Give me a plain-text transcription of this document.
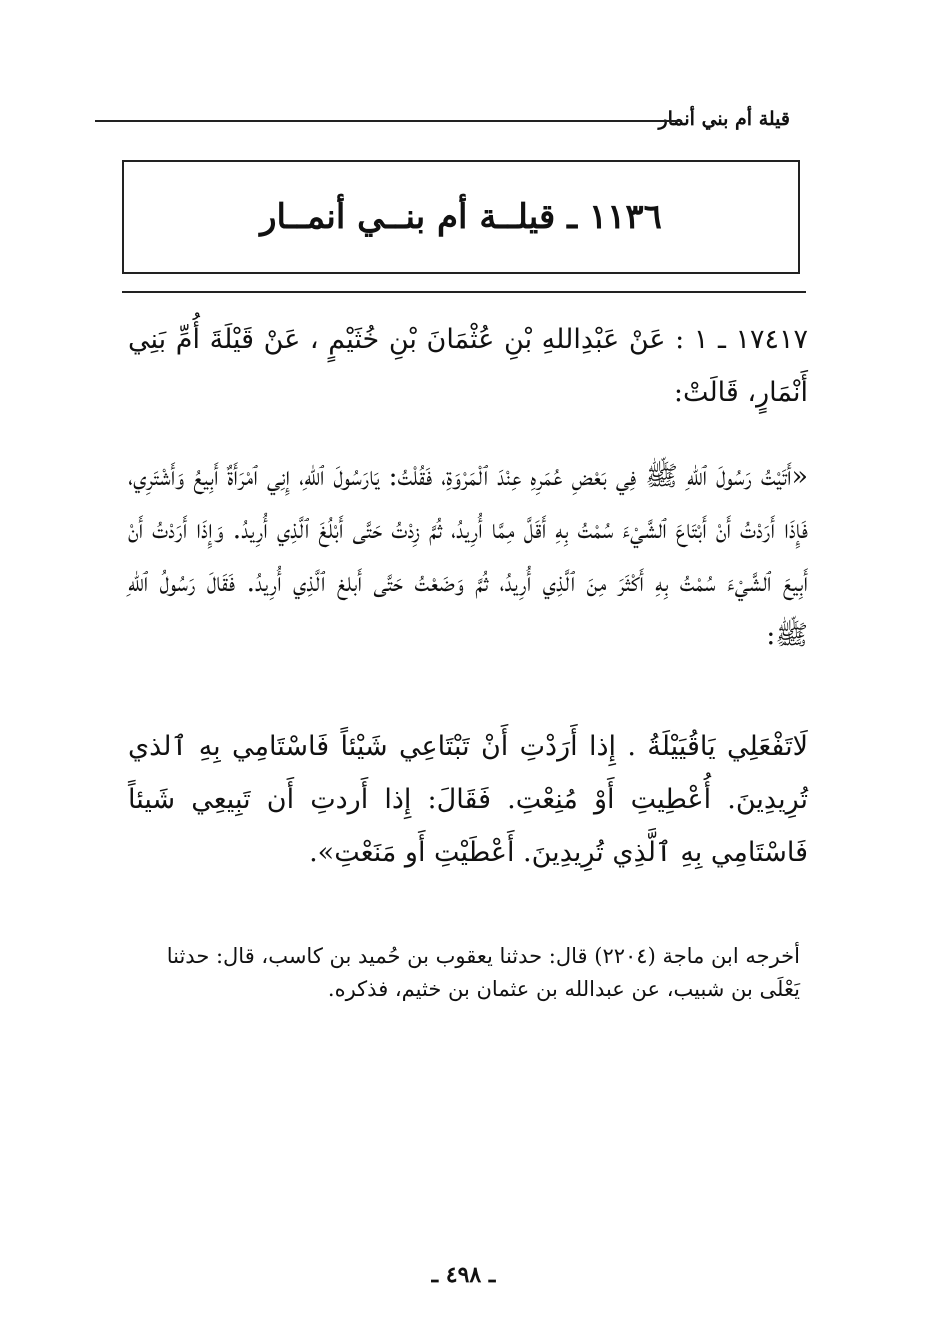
قيلة أم بني أنمار
١١٣٦ ـ قيلــة أم بنــي أنمــار

١٧٤١٧ ـ ١ : عَنْ عَبْدِاللهِ بْنِ عُثْمَانَ بْنِ خُثَيْمٍ ، عَنْ قَيْلَةَ أُمِّ بَنِي أَنْمَارٍ، قَالَتْ:

«أَتَيْتُ رَسُولَ ٱللهِ ﷺ فِي بَعْضِ عُمَرِهِ عِنْدَ ٱلْمَرْوَةِ، فَقُلْتُ: يَارَسُولَ ٱللهِ، إِنِي ٱمْرَأَةٌ أَبِيعُ وَأَشْتَرِي، فَإِذَا أَرَدْتُ أَنْ أَبْتَاعَ ٱلشَّيْءَ سُمْتُ بِهِ أَقَلَّ مِمَّا أُرِيدُ، ثُمَّ زِدْتُ حَتَّى أَبْلُغَ ٱلَّذِي أُرِيدُ. وَإِذَا أَرَدْتُ أَنْ أَبِيعَ ٱلشَّيْءَ سُمْتُ بِهِ أَكْثَرَ مِنَ ٱلَّذِي أُرِيدُ، ثُمَّ وَضَعْتُ حَتَّى أَبلغ ٱلَّذِي أُرِيدُ. فَقَالَ رَسُولُ ٱللهِ ﷺ:

لَاتَفْعَلِي يَاقُيَيْلَةُ . إِذا أَرَدْتِ أَنْ تَبْتَاعِي شَيْئاً فَاسْتَامِي بِهِ ٱلذي تُرِيدِينَ. أُعْطِيتِ أَوْ مُنِعْتِ. فَقَالَ: إِذا أَردتِ أَن تَبِيعِي شَيئاً فَاسْتَامِي بِهِ ٱلَّذِي تُرِيدِينَ. أَعْطَيْتِ أَو مَنَعْتِ».

أخرجه ابن ماجة (٢٢٠٤) قال: حدثنا يعقوب بن حُميد بن كاسب، قال: حدثنا يَعْلَى بن شبيب، عن عبدالله بن عثمان بن خثيم، فذكره.

ـ ٤٩٨ ـ
